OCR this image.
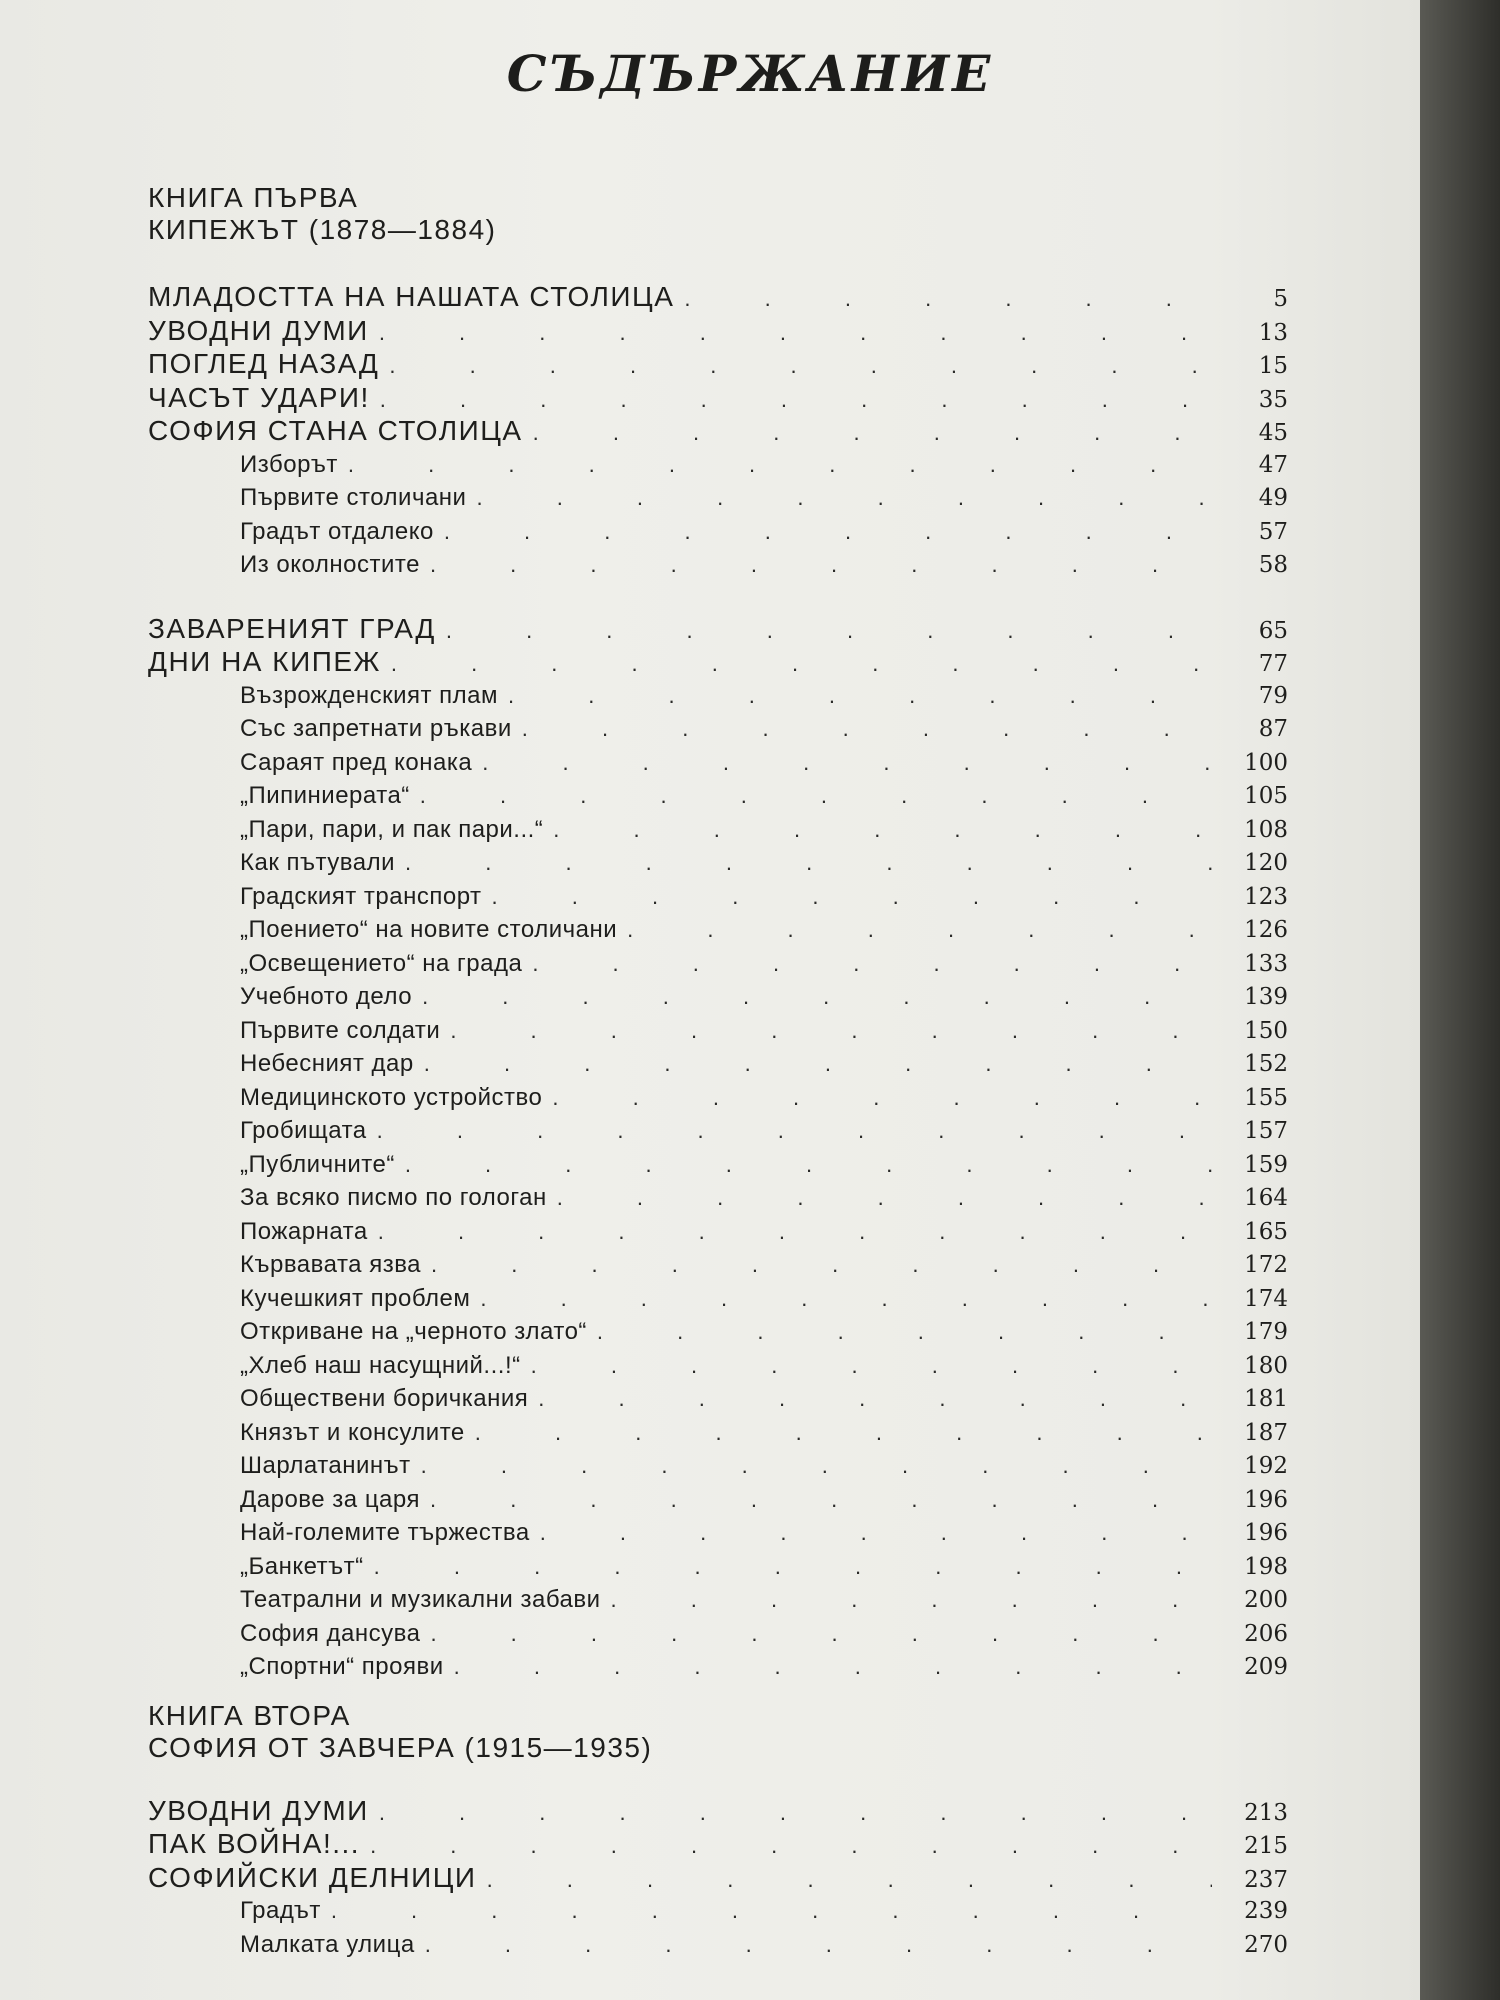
СЪДЪРЖАНИЕ
КНИГА ПЪРВА
КИПЕЖЪТ (1878—1884)
МЛАДОСТТА НА НАШАТА СТОЛИЦА . . .	5
УВОДНИ ДУМИ . . .	13
ПОГЛЕД НАЗАД . . .	15
ЧАСЪТ УДАРИ! . . .	35
СОФИЯ СТАНА СТОЛИЦА . . .	45
Изборът . . .	47
Първите столичани . . .	49
Градът отдалеко . . .	57
Из околностите . . .	58
ЗАВАРЕНИЯТ ГРАД . . .	65
ДНИ НА КИПЕЖ . . .	77
Възрожденският плам . . .	79
Със запретнати ръкави . . .	87
Сараят пред конака . . .	100
„Пипиниерата“ . . .	105
„Пари, пари, и пак пари...“ . . .	108
Как пътували . . .	120
Градският транспорт . . .	123
„Поението“ на новите столичани . . .	126
„Освещението“ на града . . .	133
Учебното дело . . .	139
Първите солдати . . .	150
Небесният дар . . .	152
Медицинското устройство . . .	155
Гробищата . . .	157
„Публичните“ . . .	159
За всяко писмо по гологан . . .	164
Пожарната . . .	165
Кървавата язва . . .	172
Кучешкият проблем . . .	174
Откриване на „черното злато“ . . .	179
„Хлеб наш насущний...!“ . . .	180
Обществени боричкания . . .	181
Князът и консулите . . .	187
Шарлатанинът . . .	192
Дарове за царя . . .	196
Най-големите тържества . . .	196
„Банкетът“ . . .	198
Театрални и музикални забави . . .	200
София дансува . . .	206
„Спортни“ прояви . . .	209
КНИГА ВТОРА
СОФИЯ ОТ ЗАВЧЕРА (1915—1935)
УВОДНИ ДУМИ . . .	213
ПАК ВОЙНА!... . . .	215
СОФИЙСКИ ДЕЛНИЦИ . . .	237
Градът . . .	239
Малката улица . . .	270
